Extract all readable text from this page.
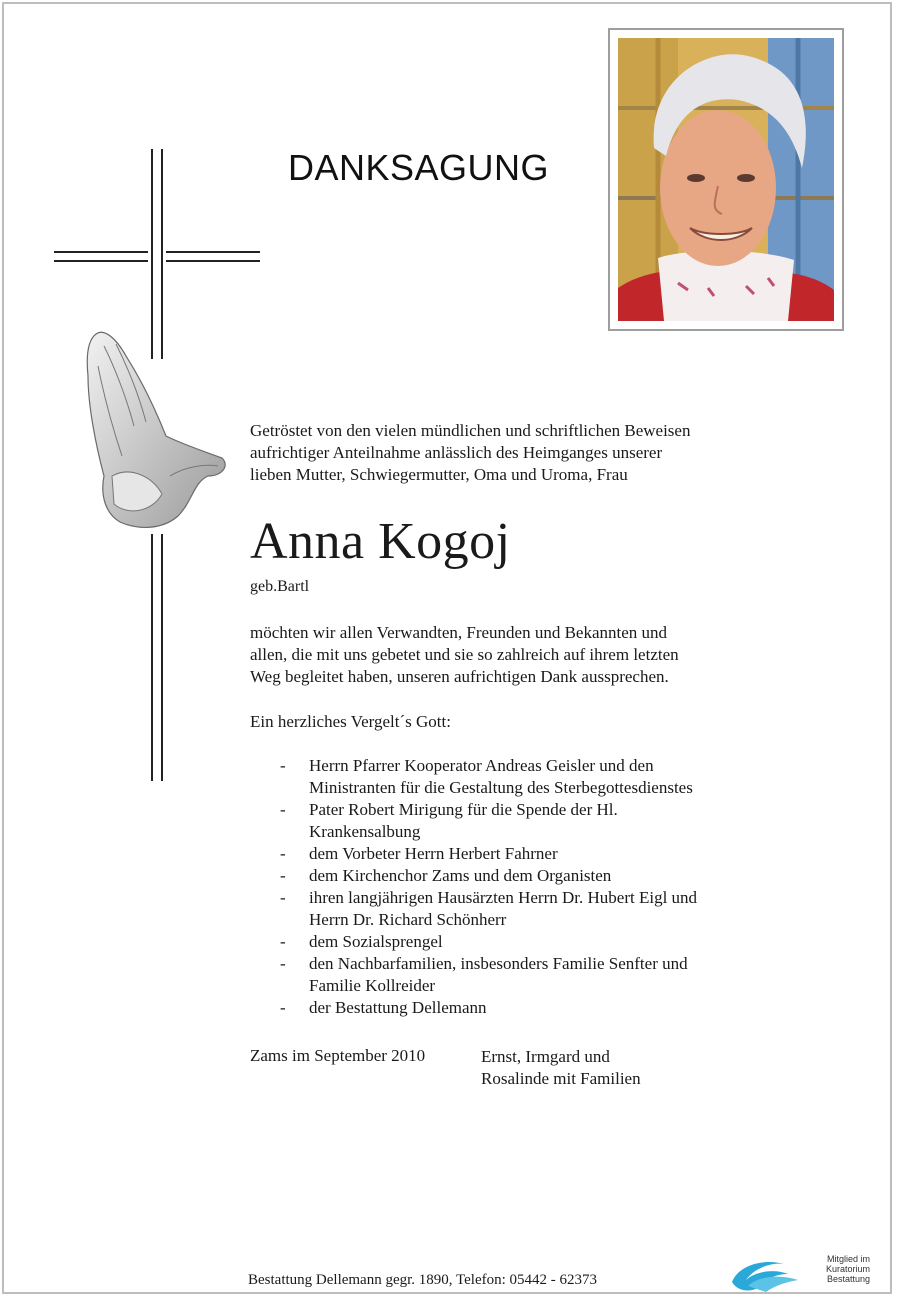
DANKSAGUNG
Getröstet von den vielen mündlichen und schriftlichen Beweisen
aufrichtiger Anteilnahme anlässlich des Heimganges unserer
lieben Mutter, Schwiegermutter, Oma und Uroma, Frau
Anna Kogoj
geb.Bartl
möchten wir allen Verwandten, Freunden und Bekannten und
allen, die mit uns gebetet und sie so zahlreich auf ihrem letzten
Weg begleitet haben, unseren aufrichtigen Dank aussprechen.
Ein herzliches Vergelt´s Gott:
- Herrn Pfarrer Kooperator Andreas Geisler und den
Ministranten für die Gestaltung des Sterbegottesdienstes
- Pater Robert Mirigung für die Spende der Hl.
Krankensalbung
- dem Vorbeter Herrn Herbert Fahrner
- dem Kirchenchor Zams und dem Organisten
- ihren langjährigen Hausärzten Herrn Dr. Hubert Eigl und
Herrn Dr. Richard Schönherr
- dem Sozialsprengel
- den Nachbarfamilien, insbesonders Familie Senfter und
Familie Kollreider
- der Bestattung Dellemann
Zams im September 2010	Ernst, Irmgard und
Rosalinde mit Familien
Bestattung Dellemann gegr. 1890, Telefon: 05442 - 62373
Mitglied im
Kuratorium Bestattung
